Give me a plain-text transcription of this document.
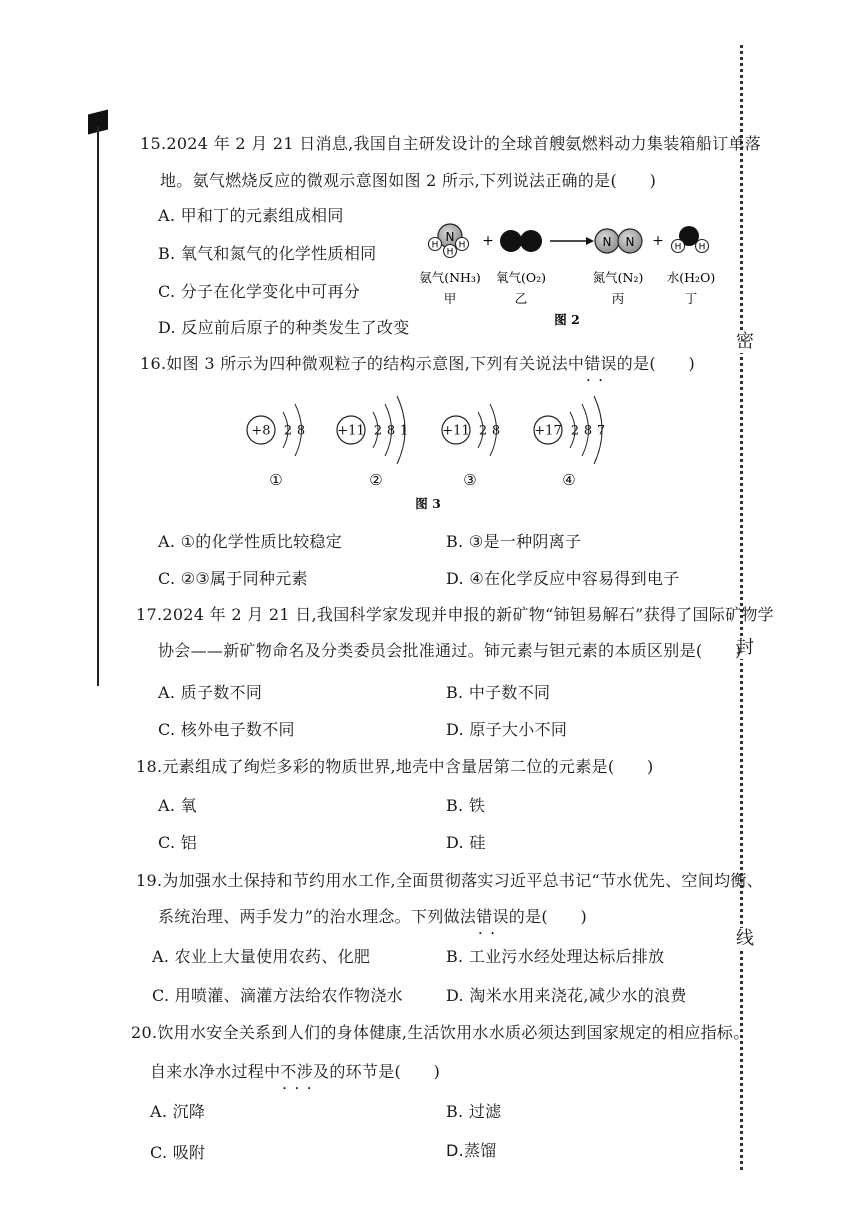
密
封
线
15.2024 年 2 月 21 日消息,我国自主研发设计的全球首艘氨燃料动力集装箱船订单落
地。氨气燃烧反应的微观示意图如图 2 所示,下列说法正确的是(　　)
A. 甲和丁的元素组成相同
B. 氧气和氮气的化学性质相同
C. 分子在化学变化中可再分
D. 反应前后原子的种类发生了改变
N
H H
H
+	N N + H H
氨气(NH₃) 氧气(O₂)	氮气(N₂) 水(H₂O)
甲	乙	丙	丁
图 2
16.如图 3 所示为四种微观粒子的结构示意图,下列有关说法中错误 • •的是(　　)
+8 2 8
①
+11 2 8 1
②
+11 2 8
③
+17 2 8 7
④
图 3
A. ①的化学性质比较稳定	B. ③是一种阴离子
C. ②③属于同种元素	D. ④在化学反应中容易得到电子
17.2024 年 2 月 21 日,我国科学家发现并申报的新矿物“铈钽易解石”获得了国际矿物学
协会——新矿物命名及分类委员会批准通过。铈元素与钽元素的本质区别是(　　)
A. 质子数不同	B. 中子数不同
C. 核外电子数不同	D. 原子大小不同
18.元素组成了绚烂多彩的物质世界,地壳中含量居第二位的元素是(　　)
A. 氧	B. 铁
C. 铝	D. 硅
19.为加强水土保持和节约用水工作,全面贯彻落实习近平总书记“节水优先、空间均衡、
系统治理、两手发力”的治水理念。下列做法错误 • •的是(　　)
A. 农业上大量使用农药、化肥	B. 工业污水经处理达标后排放
C. 用喷灌、滴灌方法给农作物浇水	D. 淘米水用来浇花,减少水的浪费
20.饮用水安全关系到人们的身体健康,生活饮用水水质必须达到国家规定的相应指标。
自来水净水过程中不涉及 • • •的环节是(　　)
A. 沉降	B. 过滤
C. 吸附	D.蒸馏
